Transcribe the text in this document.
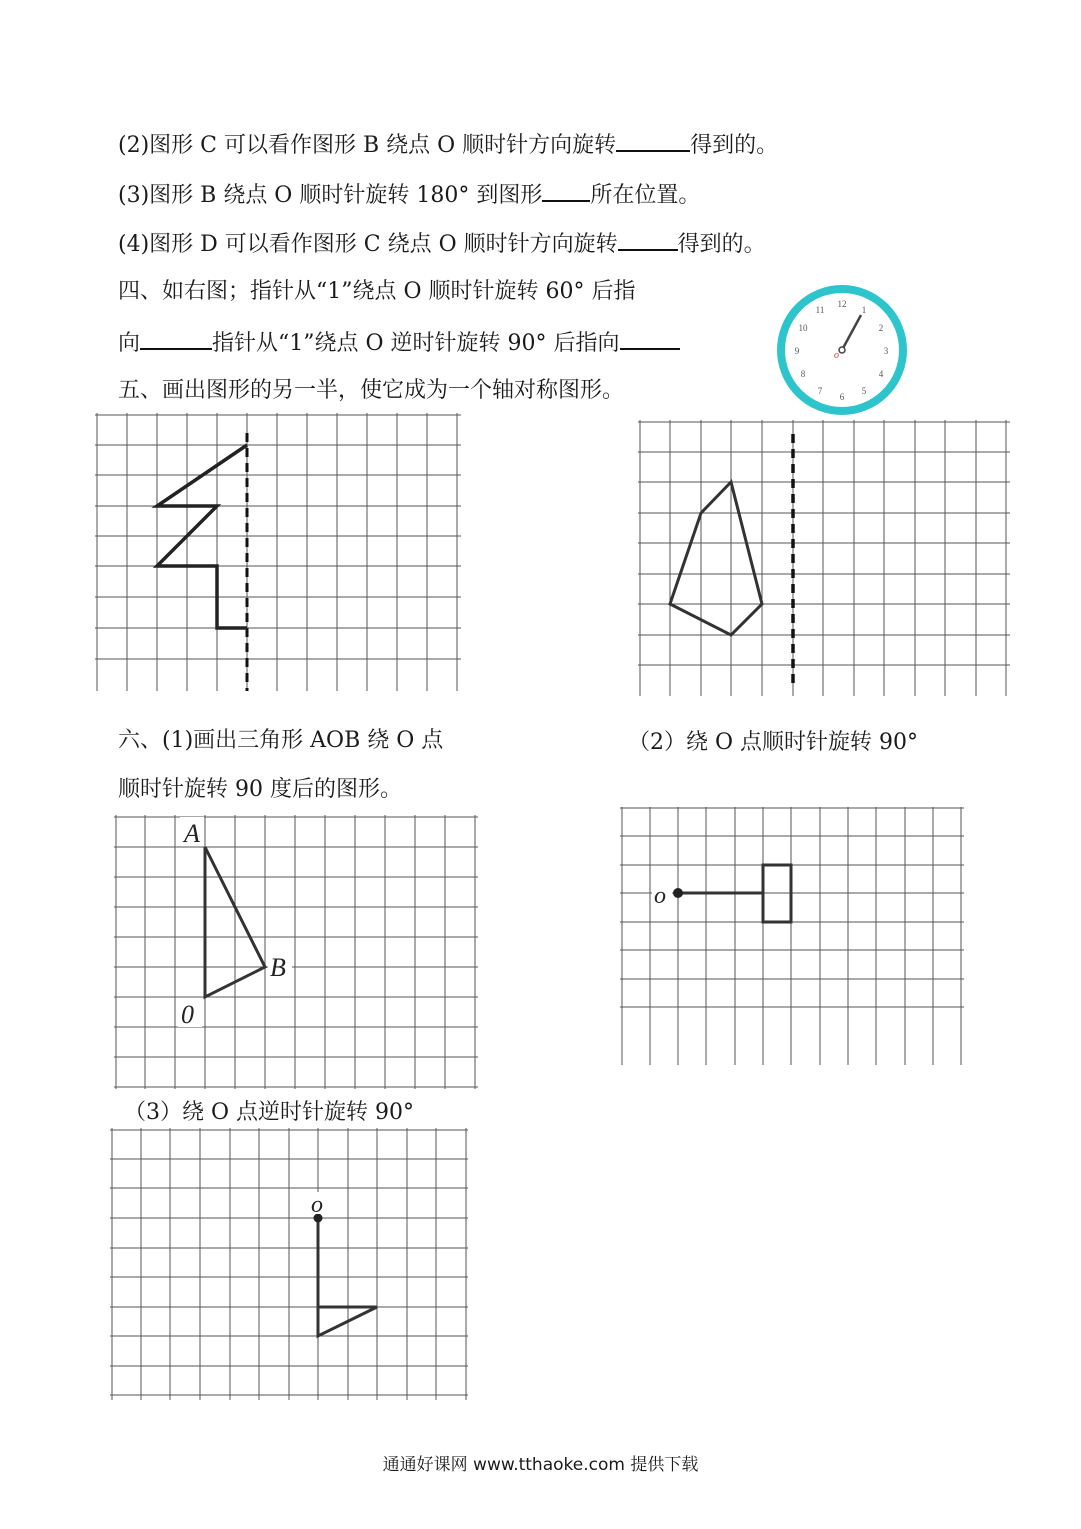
(2)图形 C 可以看作图形 B 绕点 O 顺时针方向旋转	得到的。
(3)图形 B 绕点 O 顺时针旋转 180° 到图形 所在位置。
(4)图形 D 可以看作图形 C 绕点 O 顺时针方向旋转	得到的。
四、如右图；指针从“1”绕点 O 顺时针旋转 60° 后指
向	指针从“1”绕点 O 逆时针旋转 90° 后指向
12
1
2
3
4
5
6
7
8
9
10
11
o
五、画出图形的另一半，使它成为一个轴对称图形。
六、(1)画出三角形 AOB 绕 O 点
顺时针旋转 90 度后的图形。
（2）绕 O 点顺时针旋转 90°
（3）绕 O 点逆时针旋转 90°
A
B
0
o
o
通通好课网 www.tthaoke.com 提供下载
